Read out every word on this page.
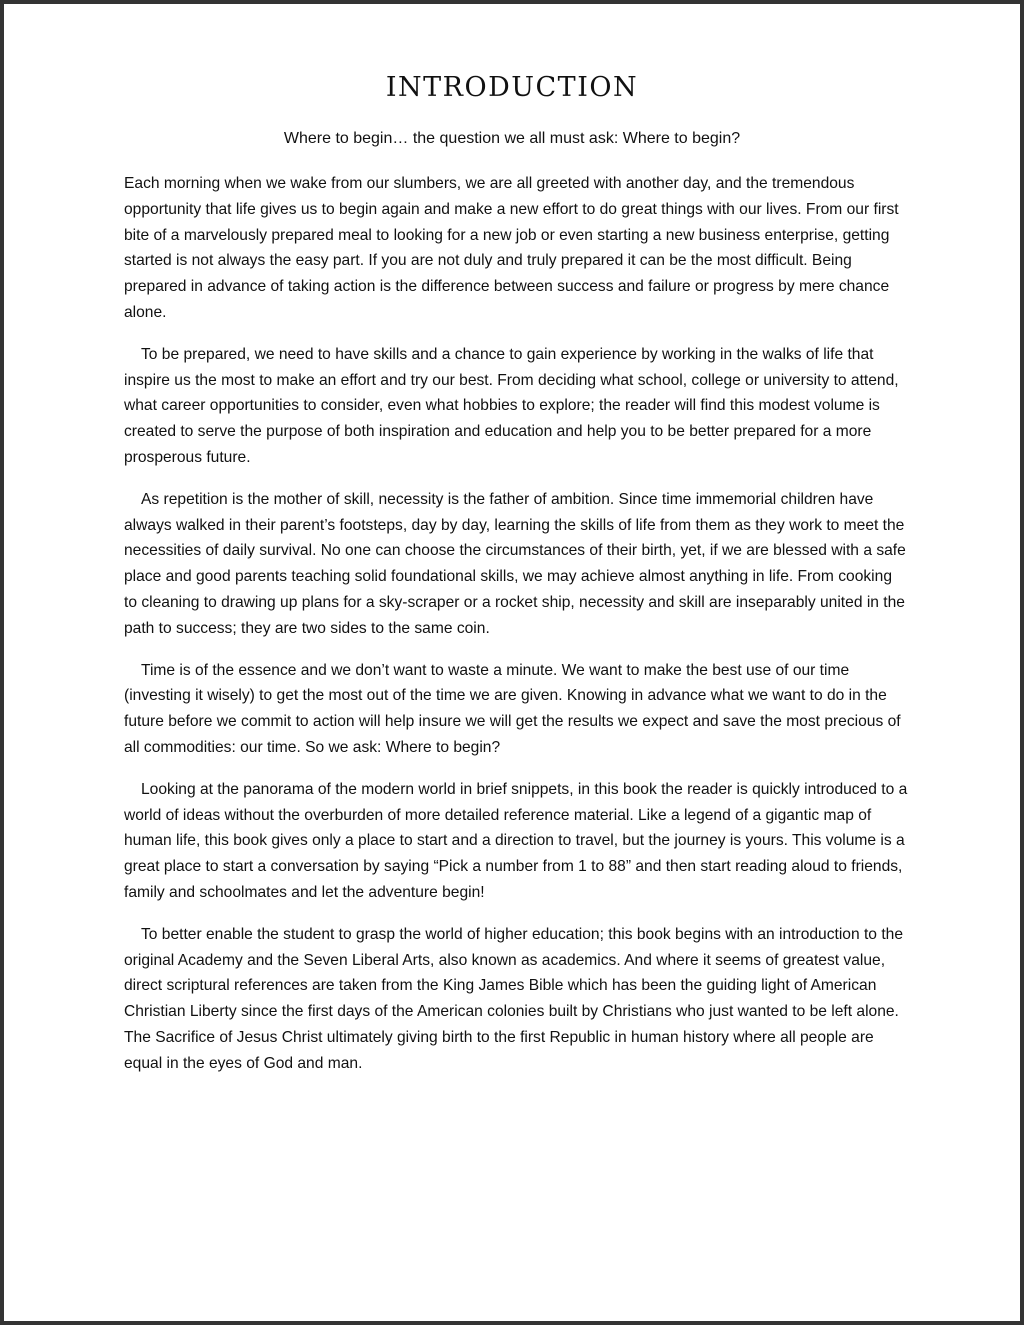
INTRODUCTION
Where to begin… the question we all must ask: Where to begin?

Each morning when we wake from our slumbers, we are all greeted with another day, and the tremendous opportunity that life gives us to begin again and make a new effort to do great things with our lives. From our first bite of a marvelously prepared meal to looking for a new job or even starting a new business enterprise, getting started is not always the easy part. If you are not duly and truly prepared it can be the most difficult. Being prepared in advance of taking action is the difference between success and failure or progress by mere chance alone.

To be prepared, we need to have skills and a chance to gain experience by working in the walks of life that inspire us the most to make an effort and try our best. From deciding what school, college or university to attend, what career opportunities to consider, even what hobbies to explore; the reader will find this modest volume is created to serve the purpose of both inspiration and education and help you to be better prepared for a more prosperous future.

As repetition is the mother of skill, necessity is the father of ambition. Since time immemorial children have always walked in their parent’s footsteps, day by day, learning the skills of life from them as they work to meet the necessities of daily survival. No one can choose the circumstances of their birth, yet, if we are blessed with a safe place and good parents teaching solid foundational skills, we may achieve almost anything in life. From cooking to cleaning to drawing up plans for a sky-scraper or a rocket ship, necessity and skill are inseparably united in the path to success; they are two sides to the same coin.

Time is of the essence and we don’t want to waste a minute. We want to make the best use of our time (investing it wisely) to get the most out of the time we are given. Knowing in advance what we want to do in the future before we commit to action will help insure we will get the results we expect and save the most precious of all commodities: our time. So we ask: Where to begin?

Looking at the panorama of the modern world in brief snippets, in this book the reader is quickly introduced to a world of ideas without the overburden of more detailed reference material. Like a legend of a gigantic map of human life, this book gives only a place to start and a direction to travel, but the journey is yours. This volume is a great place to start a conversation by saying “Pick a number from 1 to 88” and then start reading aloud to friends, family and schoolmates and let the adventure begin!

To better enable the student to grasp the world of higher education; this book begins with an introduction to the original Academy and the Seven Liberal Arts, also known as academics. And where it seems of greatest value, direct scriptural references are taken from the King James Bible which has been the guiding light of American Christian Liberty since the first days of the American colonies built by Christians who just wanted to be left alone. The Sacrifice of Jesus Christ ultimately giving birth to the first Republic in human history where all people are equal in the eyes of God and man.
